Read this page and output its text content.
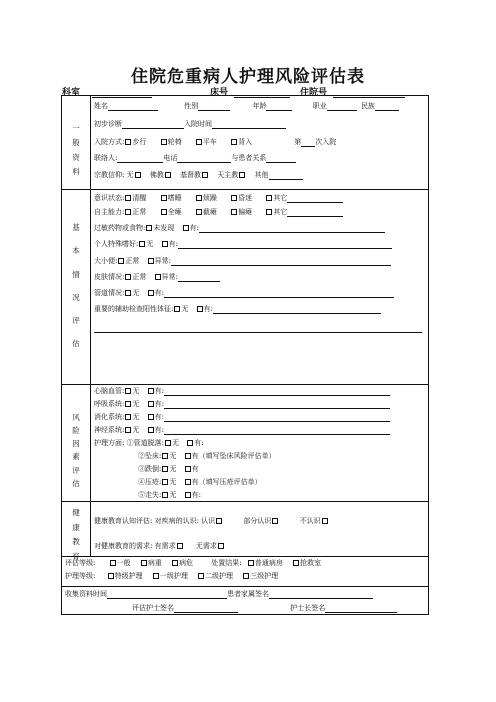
住院危重病人护理风险评估表
科室	床号	住院号
一
般
资
料
姓名	性别	年龄	职业	民族
初步诊断	入院时间
入院方式: 步行	轮椅	平车	背入	第 次入院
联络人:	电话	与患者关系
宗教信仰: 无 佛教 基督教 天主教 其他
基
本
情
况
评
估
意识状态: 清醒	嗜睡	烦躁	昏迷	其它
自主能力: 正常	全瘫	截瘫	偏瘫	其它
过敏药物或食物: 未发现 有:
个人特殊嗜好: 无 有:
大小便: 正常 异常:
皮肤情况: 正常 异常:
管道情况: 无 有:
重要的辅助检查阳性体征: 无 有:
风
险
因
素
评
估
心脑血管: 无 有:
呼吸系统: 无 有:
消化系统: 无 有:
神经系统: 无 有:
护理方面: ①管道脱落: 无 有:
②坠床: 无 有（填写坠床风险评估单）
③跌倒: 无 有
④压疮: 无 有（填写压疮评估单）
⑤走失: 无 有:
健
康
教
育
健康教育认知评估: 对疾病的认识: 认识	部分认识	不认识
对健康教育的需求: 有需求	无需求
评估等级:	一般 病重 病危	处置结果: 普通病房 抢救室
护理等级:	特级护理 一级护理 二级护理 三级护理
收集资料时间	患者家属签名
评估护士签名	护士长签名
